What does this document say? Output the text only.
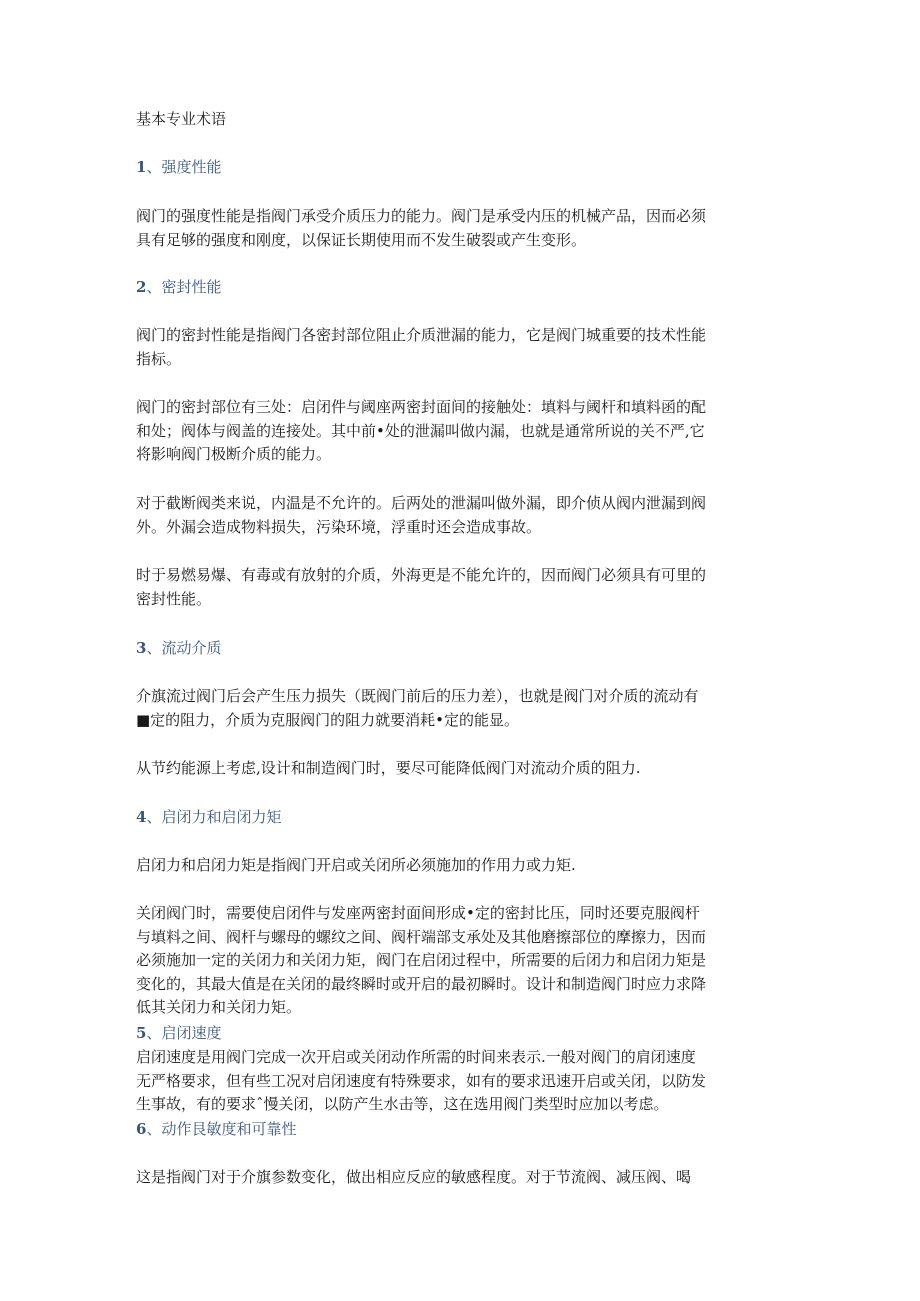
基本专业术语
1、强度性能
阀门的强度性能是指阀门承受介质压力的能力。阀门是承受内压的机械产品，因而必须
具有足够的强度和刚度，以保证长期使用而不发生破裂或产生变形。
2、密封性能
阀门的密封性能是指阀门各密封部位阻止介质泄漏的能力，它是阀门城重要的技术性能
指标。
阀门的密封部位有三处：启闭件与阈座两密封面间的接触处：填料与阈杆和填料函的配
和处；阀体与阀盖的连接处。其中前•处的泄漏叫做内漏，也就是通常所说的关不严,它
将影响阀门极断介质的能力。
对于截断阀类来说，内温是不允许的。后两处的泄漏叫做外漏，即介侦从阀内泄漏到阀
外。外漏会造成物料损失，污染环境，浮重时还会造成事故。
时于易燃易爆、有毒或有放射的介质，外海更是不能允许的，因而阀门必须具有可里的
密封性能。
3、流动介质
介旗流过阀门后会产生压力损失（既阀门前后的压力差），也就是阀门对介质的流动有
■定的阻力，介质为克服阀门的阻力就要消耗•定的能显。
从节约能源上考虑,设计和制造阀门时，要尽可能降低阀门对流动介质的阻力.
4、启闭力和启闭力矩
启闭力和启闭力矩是指阀门开启或关闭所必须施加的作用力或力矩.
关闭阀门时，需要使启闭件与发座两密封面间形成•定的密封比压，同时还要克服阀杆
与填料之间、阀杆与螺母的螺纹之间、阀杆端部支承处及其他磨擦部位的摩擦力，因而
必须施加一定的关闭力和关闭力矩，阀门在启闭过程中，所需要的后闭力和启闭力矩是
变化的，其最大值是在关闭的最终瞬时或开启的最初瞬时。设计和制造阀门时应力求降
低其关闭力和关闭力矩。
5、启闭速度
启闭速度是用阀门完成一次开启或关闭动作所需的时间来表示.一般对阀门的肩闭速度
无严格要求，但有些工况对启闭速度有特殊要求，如有的要求迅速开启或关闭，以防发
生事故，有的要求ˆ慢关闭，以防产生水击等，这在选用阀门类型时应加以考虑。
6、动作艮敏度和可靠性
这是指阀门对于介旗参数变化，做出相应反应的敏感程度。对于节流阀、减压阀、喝
